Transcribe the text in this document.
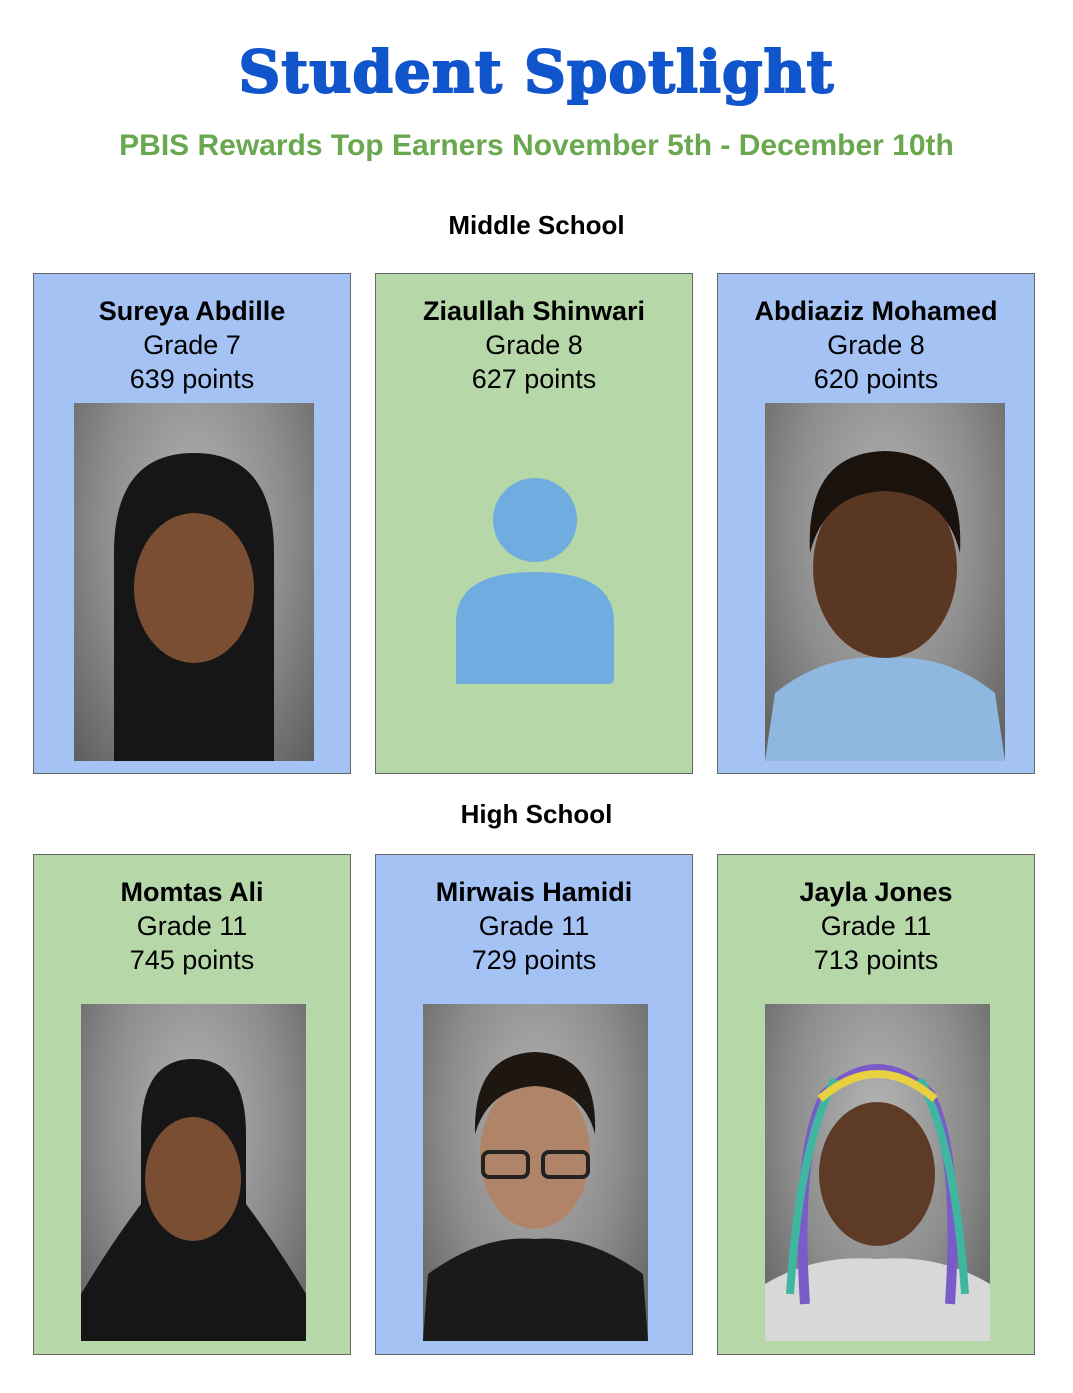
Student Spotlight
PBIS Rewards Top Earners November 5th - December 10th
Middle School
Sureya Abdille
Grade 7
639 points
Ziaullah Shinwari
Grade 8
627 points
Abdiaziz Mohamed
Grade 8
620 points
High School
Momtas Ali
Grade 11
745 points
Mirwais Hamidi
Grade 11
729 points
Jayla Jones
Grade 11
713 points
